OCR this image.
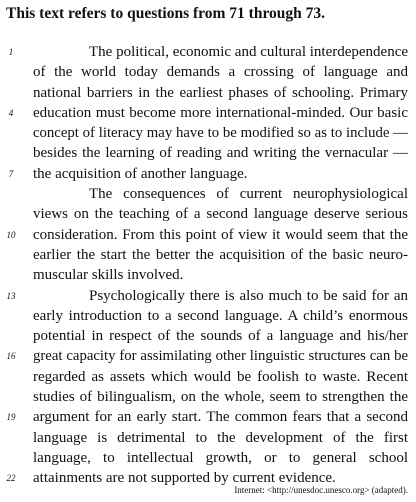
This text refers to questions from 71 through 73.
1	The political, economic and cultural interdependence
of the world today demands a crossing of language and
national barriers in the earliest phases of schooling. Primary
4	education must become more international-minded. Our basic
concept of literacy may have to be modified so as to include —
besides the learning of reading and writing the vernacular —
7	the acquisition of another language.
The consequences of current neurophysiological
views on the teaching of a second language deserve serious
10 consideration. From this point of view it would seem that the
earlier the start the better the acquisition of the basic neuro-
muscular skills involved.
13	Psychologically there is also much to be said for an
early introduction to a second language. A child’s enormous
potential in respect of the sounds of a language and his/her
16 great capacity for assimilating other linguistic structures can be
regarded as assets which would be foolish to waste. Recent
studies of bilingualism, on the whole, seem to strengthen the
19 argument for an early start. The common fears that a second
language is detrimental to the development of the first
language, to intellectual growth, or to general school
22 attainments are not supported by current evidence.
Internet: <http://unesdoc.unesco.org> (adapted).
